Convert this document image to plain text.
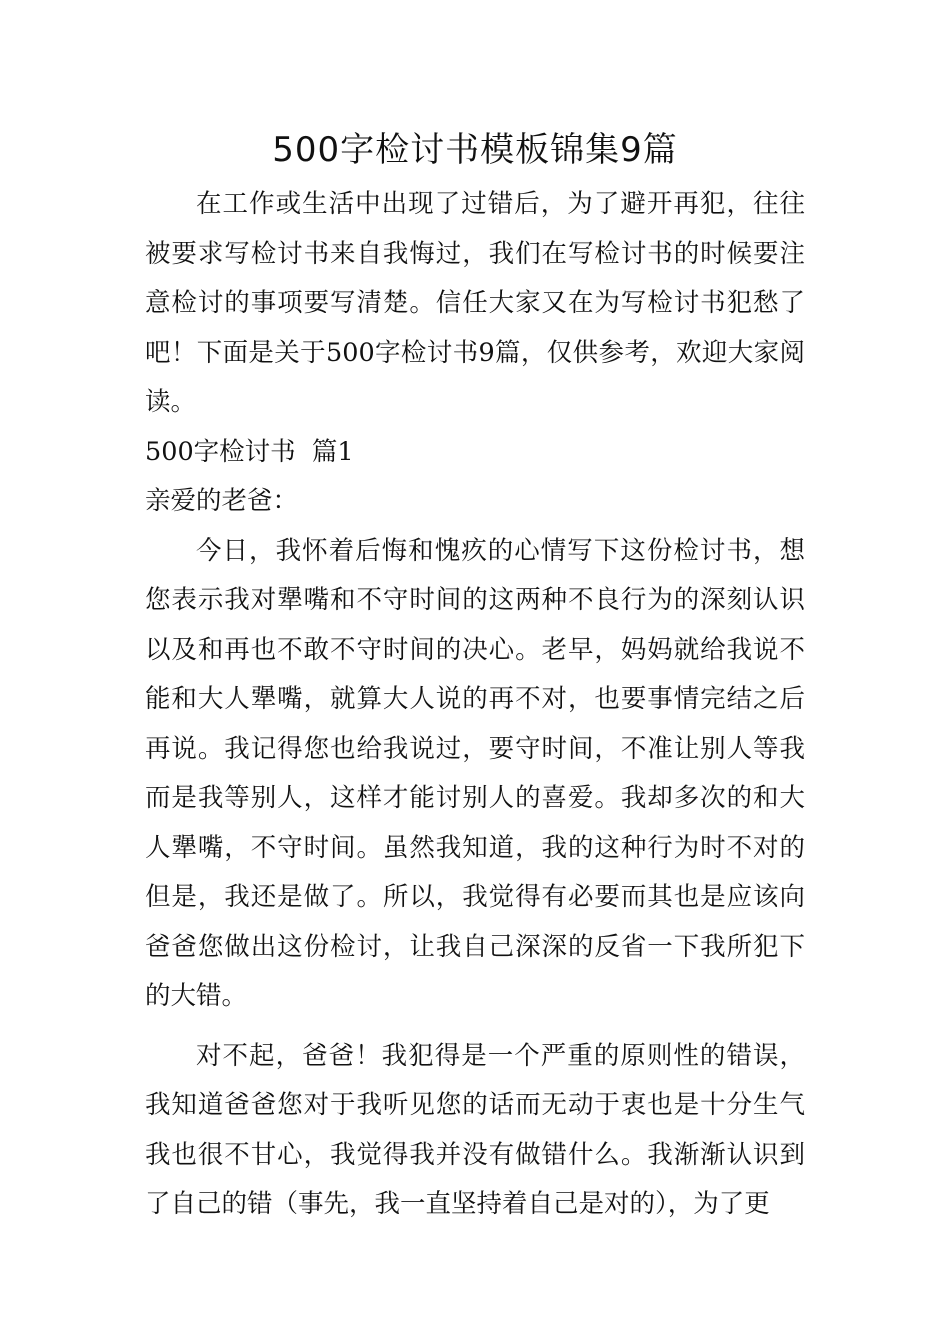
500字检讨书模板锦集9篇

在工作或生活中出现了过错后，为了避开再犯，往往被要求写检讨书来自我悔过，我们在写检讨书的时候要注意检讨的事项要写清楚。信任大家又在为写检讨书犯愁了吧！下面是关于500字检讨书9篇，仅供参考，欢迎大家阅读。

500字检讨书  篇1

亲爱的老爸：

今日，我怀着后悔和愧疚的心情写下这份检讨书，想您表示我对犟嘴和不守时间的这两种不良行为的深刻认识以及和再也不敢不守时间的决心。老早，妈妈就给我说不能和大人犟嘴，就算大人说的再不对，也要事情完结之后再说。我记得您也给我说过，要守时间，不准让别人等我而是我等别人，这样才能讨别人的喜爱。我却多次的和大人犟嘴，不守时间。虽然我知道，我的这种行为时不对的但是，我还是做了。所以，我觉得有必要而其也是应该向爸爸您做出这份检讨，让我自己深深的反省一下我所犯下的大错。

对不起，爸爸！我犯得是一个严重的原则性的错误，我知道爸爸您对于我听见您的话而无动于衷也是十分生气我也很不甘心，我觉得我并没有做错什么。我渐渐认识到了自己的错（事先，我一直坚持着自己是对的），为了更
